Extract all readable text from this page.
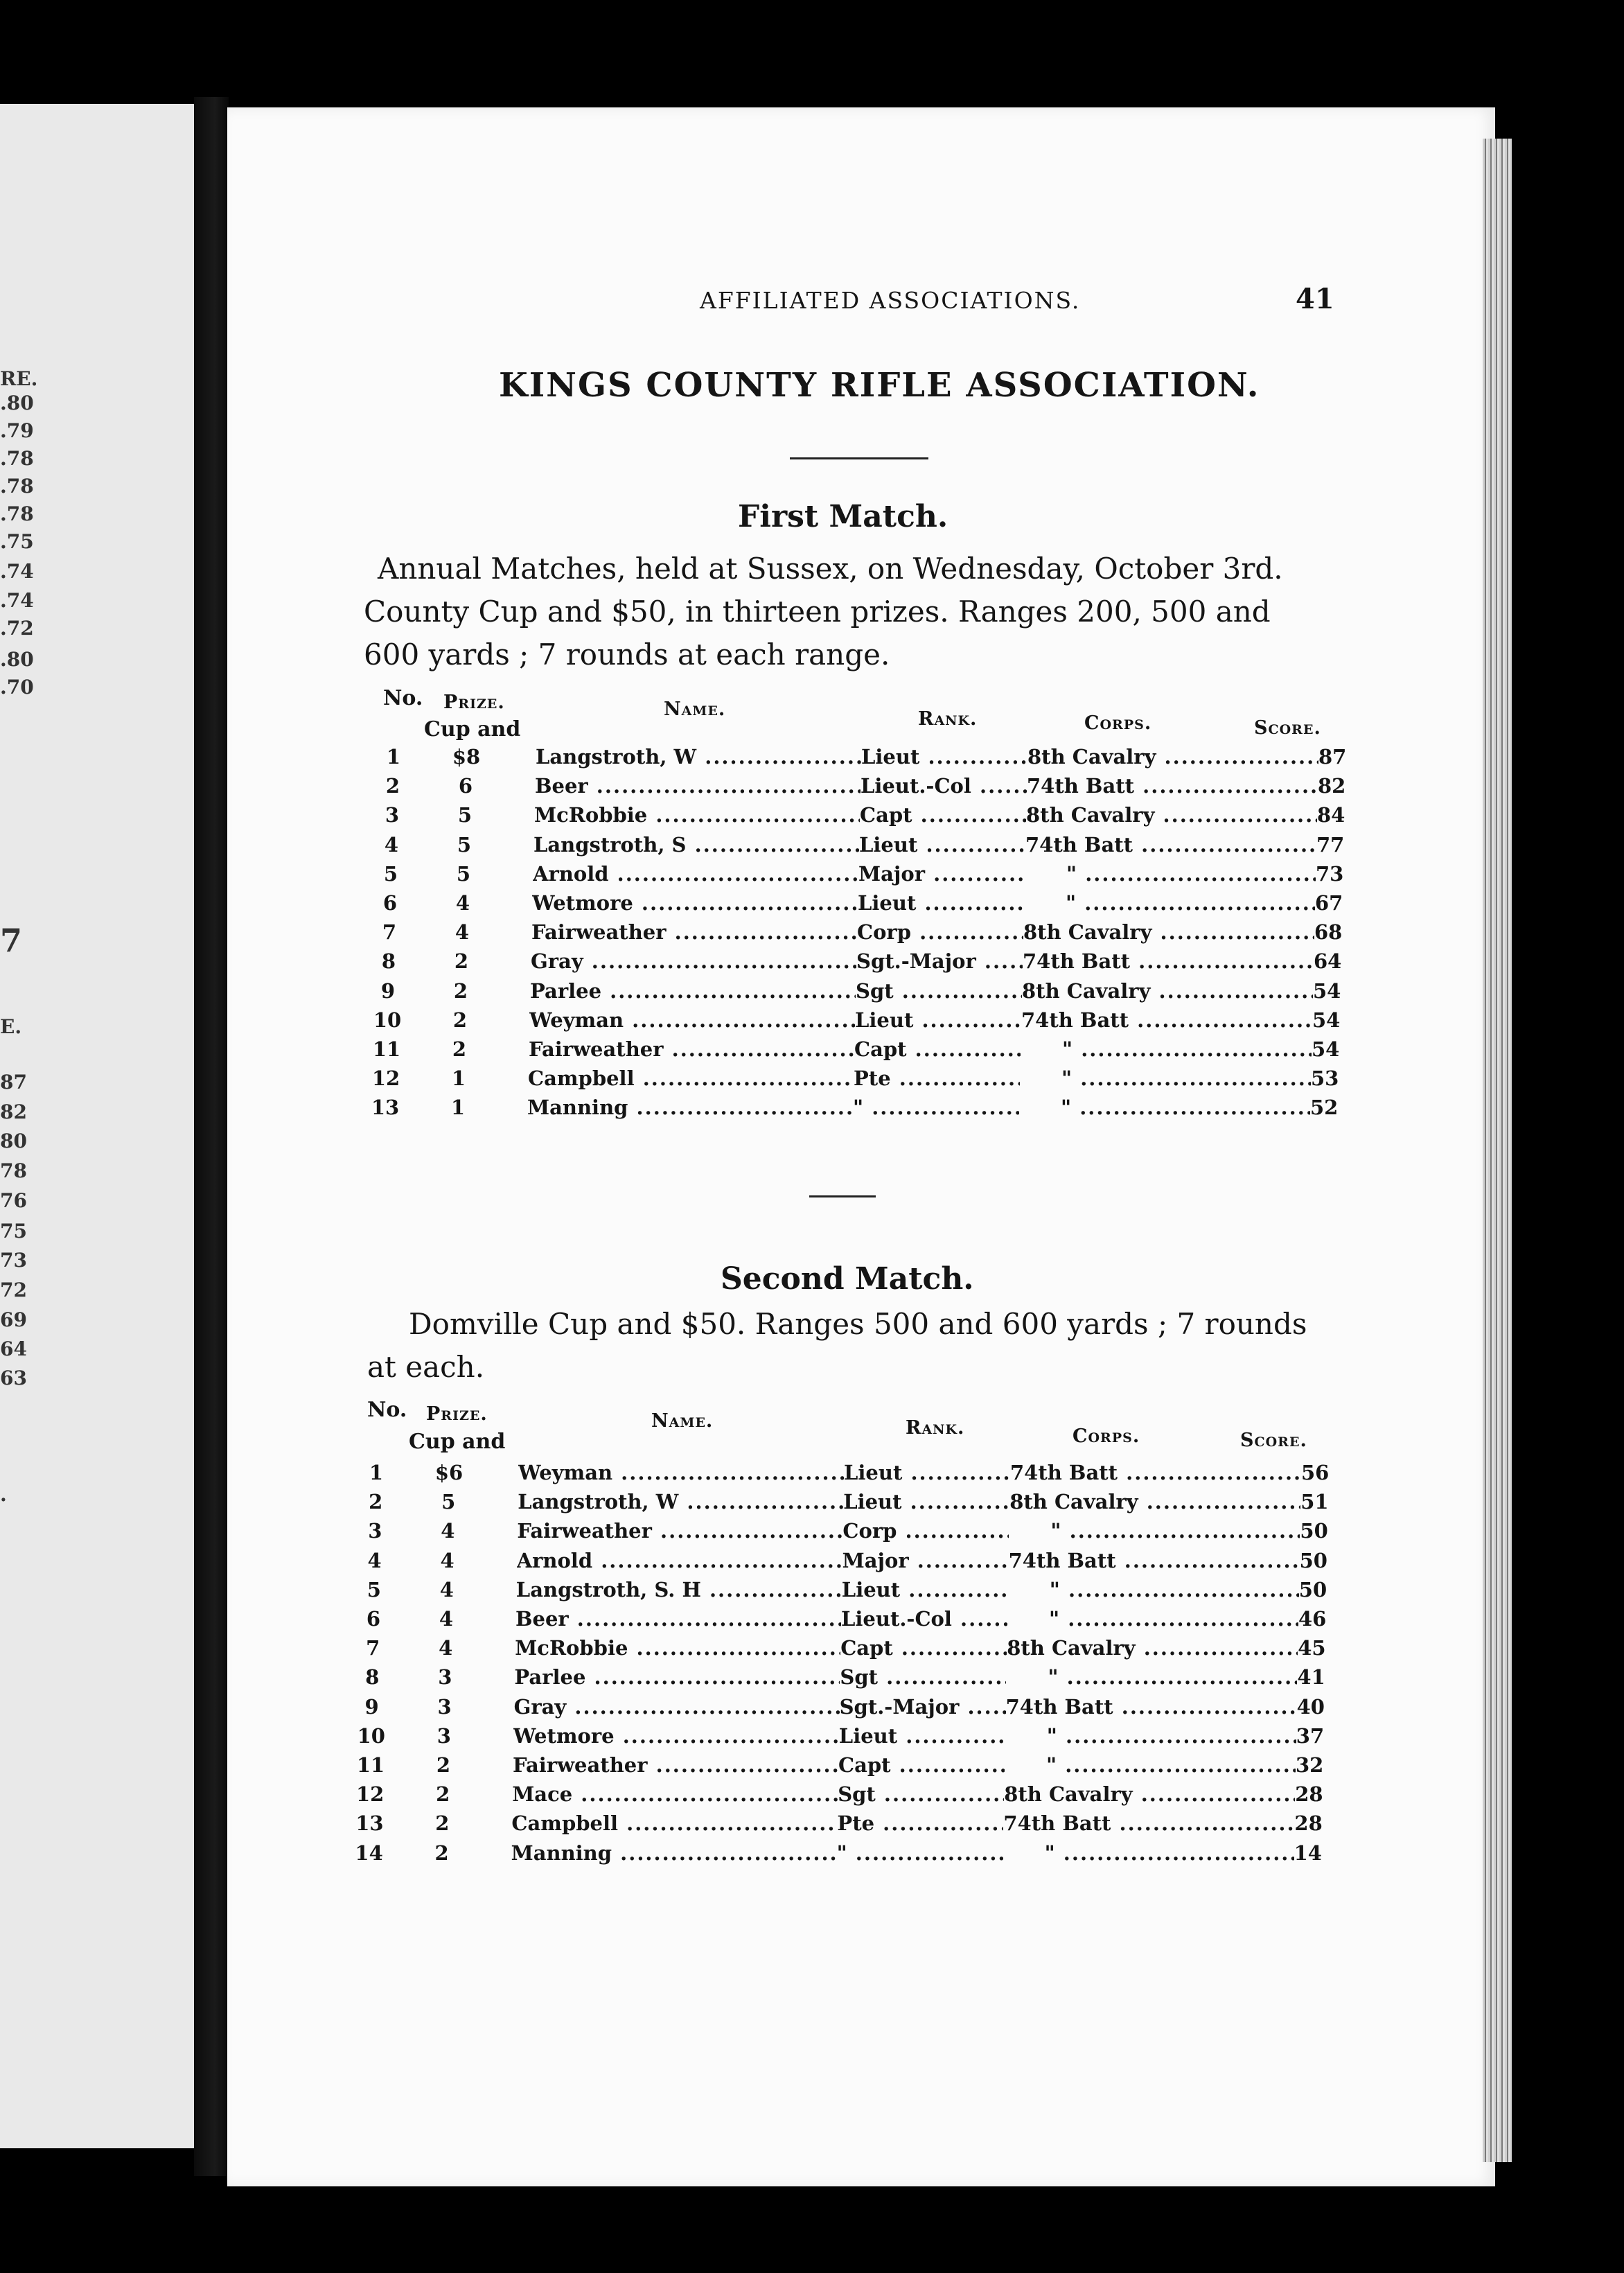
RE.
.80
.79
.78
.78
.78
.75
.74
.74
.72
.80
.70
7
E.
87
82
80
78
76
75
73
72
69
64
63
.
AFFILIATED ASSOCIATIONS.	41
KINGS COUNTY RIFLE ASSOCIATION.
First Match.
Annual Matches, held at Sussex, on Wednesday, October 3rd.
County Cup and $50, in thirteen prizes. Ranges 200, 500 and
600 yards ; 7 rounds at each range.
Second Match.
Domville Cup and $50. Ranges 500 and 600 yards ; 7 rounds
at each.
No. Prize.
Cup and
Name.	Rank.	Corps.	Score.
1	$8	Langstroth, W .....	Lieut .....	8th Cavalry .....	87
2	6	Beer .....	Lieut.-Col .....	74th Batt .....	82
3	5	McRobbie .....	Capt .....	8th Cavalry .....	84
4	5	Langstroth, S .....	Lieut .....	74th Batt .....	77
5	5	Arnold .....	Major .....	" .....	73
6	4	Wetmore .....	Lieut .....	" .....	67
7	4	Fairweather .....	Corp .....	8th Cavalry .....	68
8	2	Gray .....	Sgt.-Major .....	74th Batt .....	64
9	2	Parlee .....	Sgt .....	8th Cavalry .....	54
10	2	Weyman .....	Lieut .....	74th Batt .....	54
11	2	Fairweather .....	Capt .....	" .....	54
12	1	Campbell .....	Pte .....	" .....	53
13	1	Manning .....	" .....	" .....	52
No. Prize.
Cup and
Name.	Rank.	Corps.	Score.
1	$6	Weyman .....	Lieut .....	74th Batt .....	56
2	5	Langstroth, W .....	Lieut .....	8th Cavalry .....	51
3	4	Fairweather .....	Corp .....	" .....	50
4	4	Arnold .....	Major .....	74th Batt .....	50
5	4	Langstroth, S. H .....	Lieut .....	" .....	50
6	4	Beer .....	Lieut.-Col .....	" .....	46
7	4	McRobbie .....	Capt .....	8th Cavalry .....	45
8	3	Parlee .....	Sgt .....	" .....	41
9	3	Gray .....	Sgt.-Major .....	74th Batt .....	40
10	3	Wetmore .....	Lieut .....	" .....	37
11	2	Fairweather .....	Capt .....	" .....	32
12	2	Mace .....	Sgt .....	8th Cavalry .....	28
13	2	Campbell .....	Pte .....	74th Batt .....	28
14	2	Manning .....	" .....	" .....	14
